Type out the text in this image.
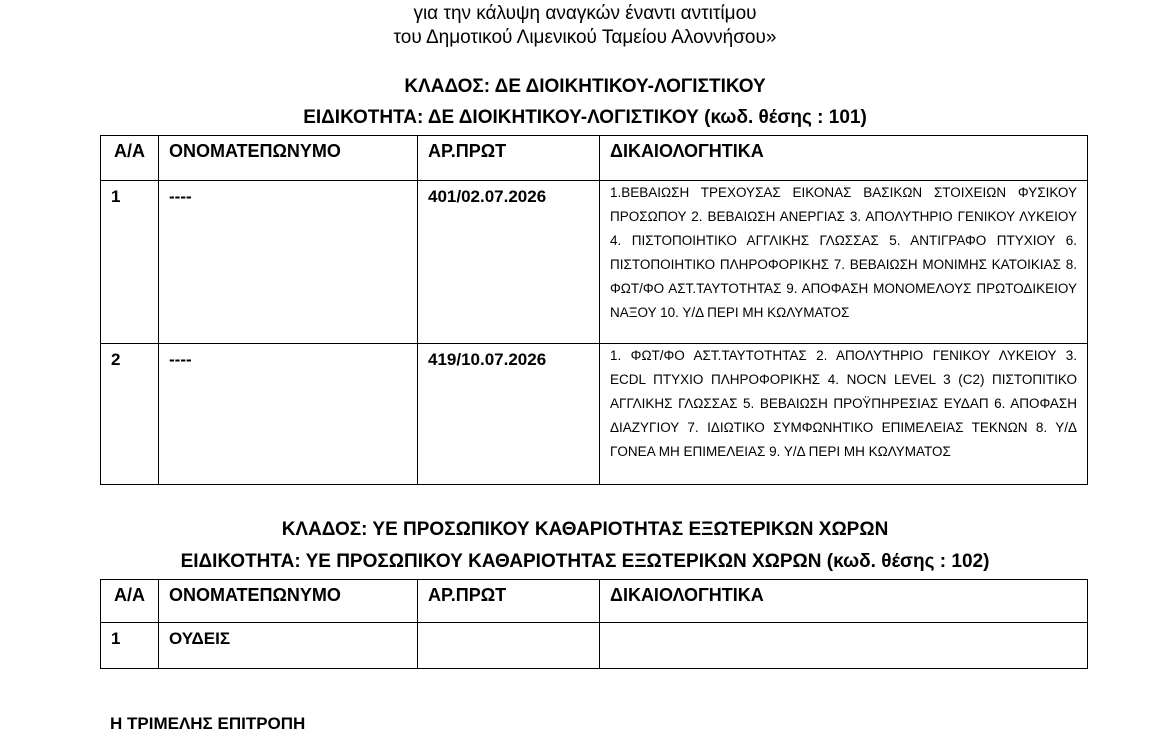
για την κάλυψη αναγκών έναντι αντιτίμου
του Δημοτικού Λιμενικού Ταμείου Αλοννήσου»
ΚΛΑΔΟΣ: ΔΕ ΔΙΟΙΚΗΤΙΚΟΥ-ΛΟΓΙΣΤΙΚΟΥ
ΕΙΔΙΚΟΤΗΤΑ: ΔΕ ΔΙΟΙΚΗΤΙΚΟΥ-ΛΟΓΙΣΤΙΚΟΥ (κωδ. θέσης : 101)
Α/Α	ΟΝΟΜΑΤΕΠΩΝΥΜΟ	ΑΡ.ΠΡΩΤ	ΔΙΚΑΙΟΛΟΓΗΤΙΚΑ
1	----	401/02.07.2026	1.ΒΕΒΑΙΩΣΗ ΤΡΕΧΟΥΣΑΣ ΕΙΚΟΝΑΣ ΒΑΣΙΚΩΝ ΣΤΟΙΧΕΙΩΝ ΦΥΣΙΚΟΥ ΠΡΟΣΩΠΟΥ 2. ΒΕΒΑΙΩΣΗ ΑΝΕΡΓΙΑΣ 3. ΑΠΟΛΥΤΗΡΙΟ ΓΕΝΙΚΟΥ ΛΥΚΕΙΟΥ 4. ΠΙΣΤΟΠΟΙΗΤΙΚΟ ΑΓΓΛΙΚΗΣ ΓΛΩΣΣΑΣ 5. ΑΝΤΙΓΡΑΦΟ ΠΤΥΧΙΟΥ 6. ΠΙΣΤΟΠΟΙΗΤΙΚΟ ΠΛΗΡΟΦΟΡΙΚΗΣ 7. ΒΕΒΑΙΩΣΗ ΜΟΝΙΜΗΣ ΚΑΤΟΙΚΙΑΣ 8. ΦΩΤ/ΦΟ ΑΣΤ.ΤΑΥΤΟΤΗΤΑΣ 9. ΑΠΟΦΑΣΗ ΜΟΝΟΜΕΛΟΥΣ ΠΡΩΤΟΔΙΚΕΙΟΥ ΝΑΞΟΥ 10. Υ/Δ ΠΕΡΙ ΜΗ ΚΩΛΥΜΑΤΟΣ
2	----	419/10.07.2026	1. ΦΩΤ/ΦΟ ΑΣΤ.ΤΑΥΤΟΤΗΤΑΣ 2. ΑΠΟΛΥΤΗΡΙΟ ΓΕΝΙΚΟΥ ΛΥΚΕΙΟΥ 3. ECDL ΠΤΥΧΙΟ ΠΛΗΡΟΦΟΡΙΚΗΣ 4. NOCN LEVEL 3 (C2) ΠΙΣΤΟΠΙΤΙΚΟ ΑΓΓΛΙΚΗΣ ΓΛΩΣΣΑΣ 5. ΒΕΒΑΙΩΣΗ ΠΡΟΫΠΗΡΕΣΙΑΣ ΕΥΔΑΠ 6. ΑΠΟΦΑΣΗ ΔΙΑΖΥΓΙΟΥ 7. ΙΔΙΩΤΙΚΟ ΣΥΜΦΩΝΗΤΙΚΟ ΕΠΙΜΕΛΕΙΑΣ ΤΕΚΝΩΝ 8. Υ/Δ ΓΟΝΕΑ ΜΗ ΕΠΙΜΕΛΕΙΑΣ 9. Υ/Δ ΠΕΡΙ ΜΗ ΚΩΛΥΜΑΤΟΣ
ΚΛΑΔΟΣ: ΥΕ ΠΡΟΣΩΠΙΚΟΥ ΚΑΘΑΡΙΟΤΗΤΑΣ ΕΞΩΤΕΡΙΚΩΝ ΧΩΡΩΝ
ΕΙΔΙΚΟΤΗΤΑ: ΥΕ ΠΡΟΣΩΠΙΚΟΥ ΚΑΘΑΡΙΟΤΗΤΑΣ ΕΞΩΤΕΡΙΚΩΝ ΧΩΡΩΝ (κωδ. θέσης : 102)
Α/Α	ΟΝΟΜΑΤΕΠΩΝΥΜΟ	ΑΡ.ΠΡΩΤ	ΔΙΚΑΙΟΛΟΓΗΤΙΚΑ
1	ΟΥΔΕΙΣ		
Η ΤΡΙΜΕΛΗΣ ΕΠΙΤΡΟΠΗ
